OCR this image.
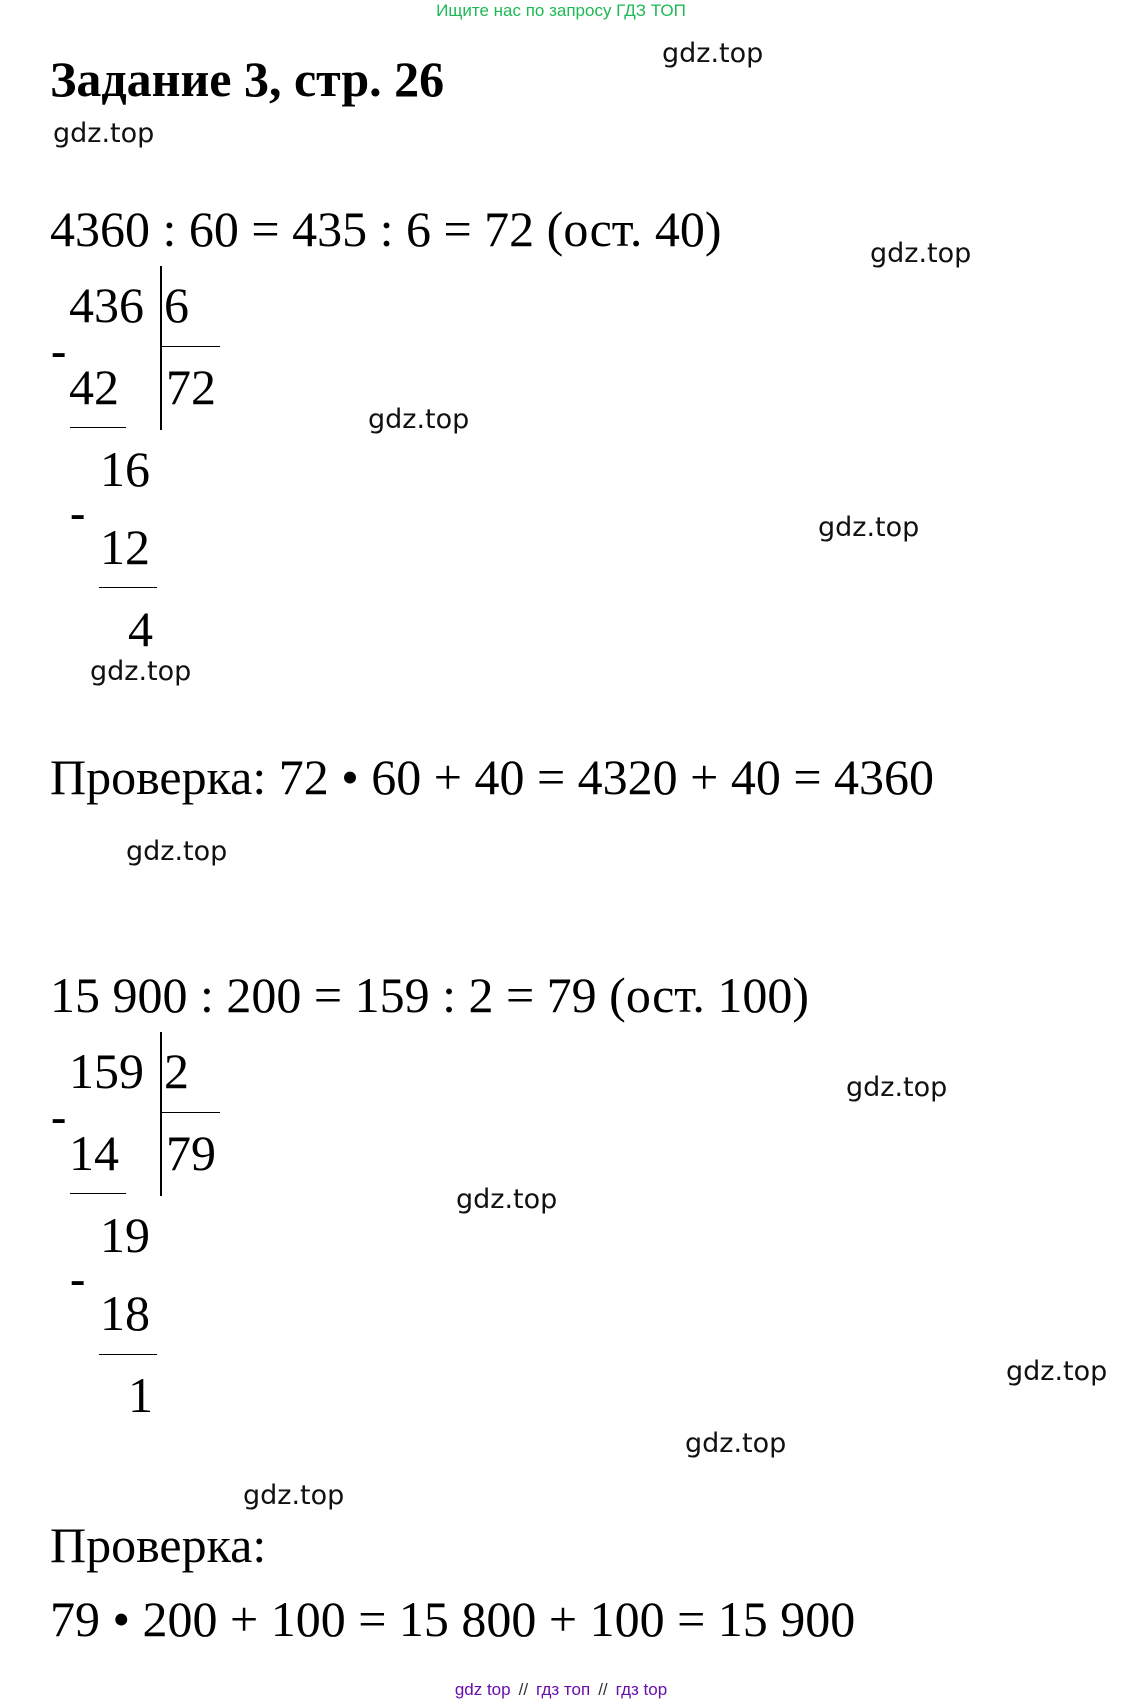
Ищите нас по запросу ГДЗ ТОП
Задание 3, стр. 26	gdz.top
gdz.top
gdz.top
gdz.top
gdz.top
gdz.top
gdz.top
gdz.top
gdz.top
gdz.top
gdz.top
gdz.top
4360 : 60 = 435 : 6 = 72 (ост. 40)
436 6
-
42 72
16
-
12
4
Проверка: 72 • 60 + 40 = 4320 + 40 = 4360
15 900 : 200 = 159 : 2 = 79 (ост. 100)
159 2
-
14 79
19
-
18
1
Проверка:
79 • 200 + 100 = 15 800 + 100 = 15 900
gdz top // гдз топ // гдз top
